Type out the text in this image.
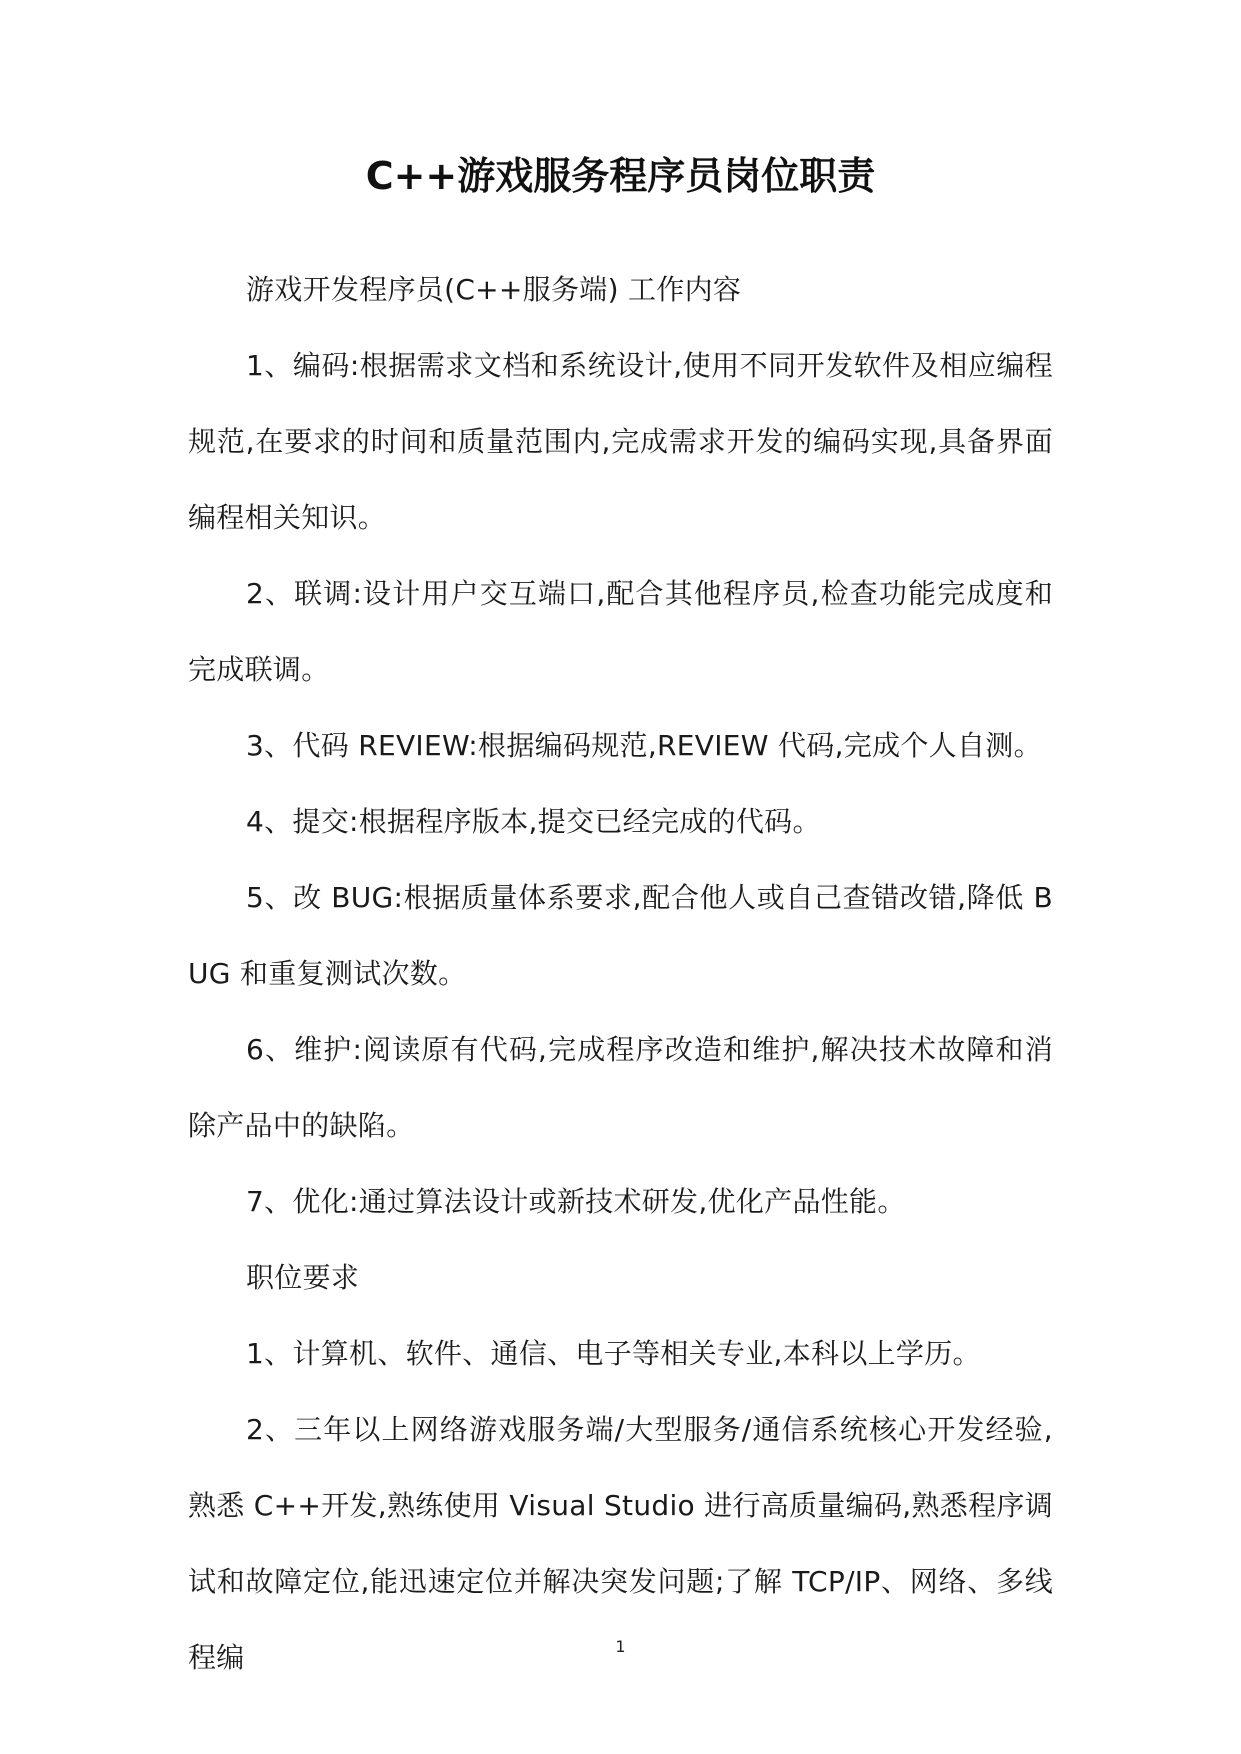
C++游戏服务程序员岗位职责

游戏开发程序员(C++服务端) 工作内容

1、编码:根据需求文档和系统设计,使用不同开发软件及相应编程规范,在要求的时间和质量范围内,完成需求开发的编码实现,具备界面编程相关知识。

2、联调:设计用户交互端口,配合其他程序员,检查功能完成度和完成联调。

3、代码 REVIEW:根据编码规范,REVIEW 代码,完成个人自测。

4、提交:根据程序版本,提交已经完成的代码。

5、改 BUG:根据质量体系要求,配合他人或自己查错改错,降低 BUG 和重复测试次数。

6、维护:阅读原有代码,完成程序改造和维护,解决技术故障和消除产品中的缺陷。

7、优化:通过算法设计或新技术研发,优化产品性能。

职位要求

1、计算机、软件、通信、电子等相关专业,本科以上学历。

2、三年以上网络游戏服务端/大型服务/通信系统核心开发经验,熟悉 C++开发,熟练使用 Visual Studio 进行高质量编码,熟悉程序调试和故障定位,能迅速定位并解决突发问题;了解 TCP/IP、网络、多线程编	1
